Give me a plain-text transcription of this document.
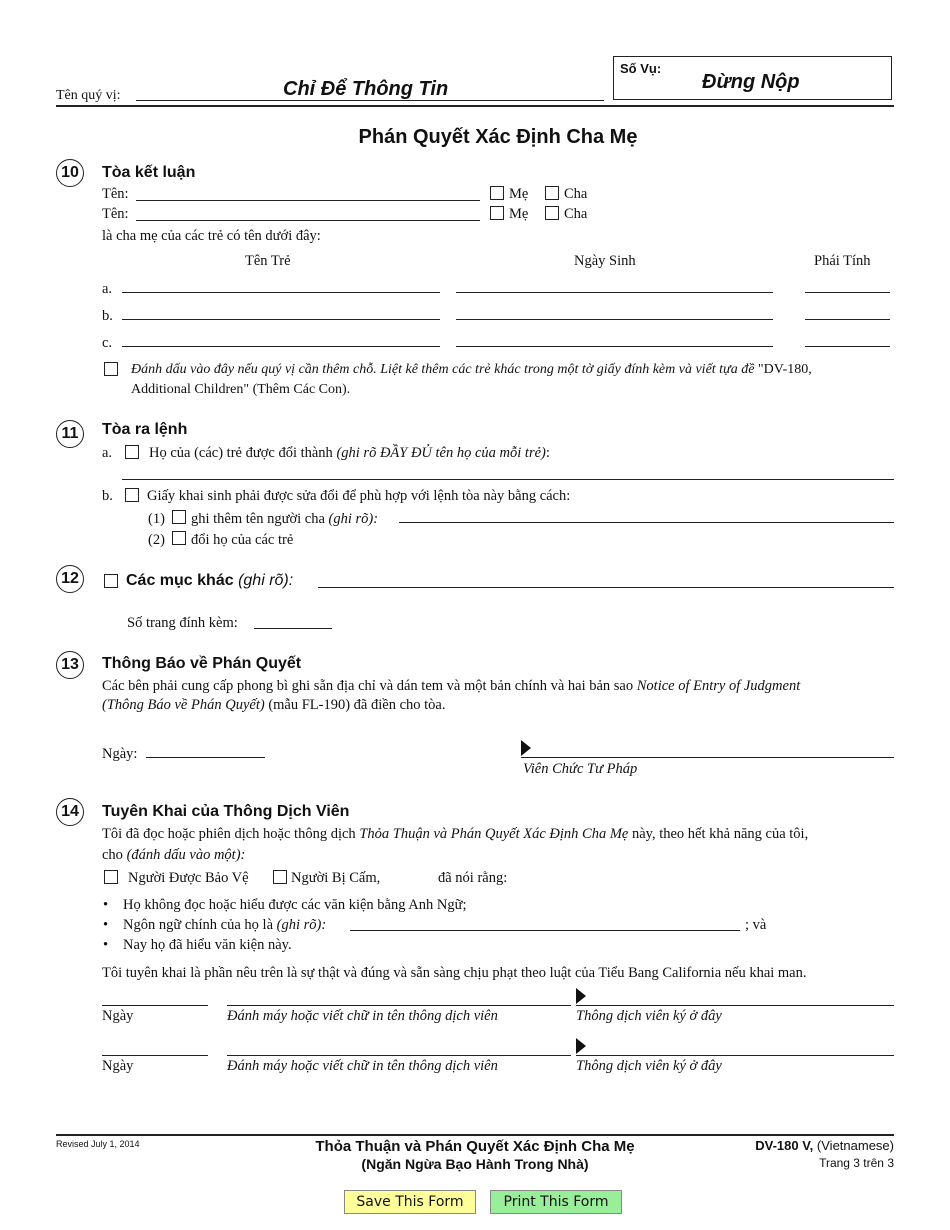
Tên quý vị:	Chỉ Để Thông Tin
Số Vụ:
Đừng Nộp
Phán Quyết Xác Định Cha Mẹ
10	Tòa kết luận
Tên:	Mẹ Cha
Tên:	Mẹ Cha
là cha mẹ của các trẻ có tên dưới đây:
Tên Trẻ	Ngày Sinh	Phái Tính
a.
b.
c.
Đánh dấu vào đây nếu quý vị cần thêm chỗ. Liệt kê thêm các trẻ khác trong một tờ giấy đính kèm và viết tựa đề "DV-180,
Additional Children" (Thêm Các Con).
11	Tòa ra lệnh
a.	Họ của (các) trẻ được đổi thành (ghi rõ ĐẦY ĐỦ tên họ của mỗi trẻ):
b. Giấy khai sinh phải được sửa đổi để phù hợp với lệnh tòa này bằng cách:
(1) ghi thêm tên người cha (ghi rõ):
(2) đổi họ của các trẻ
12	Các mục khác (ghi rõ):
Số trang đính kèm:
13	Thông Báo về Phán Quyết
Các bên phải cung cấp phong bì ghi sẵn địa chỉ và dán tem và một bản chính và hai bản sao Notice of Entry of Judgment
(Thông Báo về Phán Quyết) (mẫu FL-190) đã điền cho tòa.
Ngày:
Viên Chức Tư Pháp
14	Tuyên Khai của Thông Dịch Viên
Tôi đã đọc hoặc phiên dịch hoặc thông dịch Thỏa Thuận và Phán Quyết Xác Định Cha Mẹ này, theo hết khả năng của tôi,
cho (đánh dấu vào một):
Người Được Bảo Vệ	Người Bị Cấm,	đã nói rằng:
• Họ không đọc hoặc hiểu được các văn kiện bằng Anh Ngữ;
• Ngôn ngữ chính của họ là (ghi rõ):	; và
• Nay họ đã hiểu văn kiện này.
Tôi tuyên khai là phần nêu trên là sự thật và đúng và sẵn sàng chịu phạt theo luật của Tiểu Bang California nếu khai man.
Ngày	Đánh máy hoặc viết chữ in tên thông dịch viên	Thông dịch viên ký ở đây
Ngày	Đánh máy hoặc viết chữ in tên thông dịch viên	Thông dịch viên ký ở đây
Revised July 1, 2014	Thỏa Thuận và Phán Quyết Xác Định Cha Mẹ
(Ngăn Ngừa Bạo Hành Trong Nhà)
DV-180 V, (Vietnamese)
Trang 3 trên 3
Save This Form	Print This Form
